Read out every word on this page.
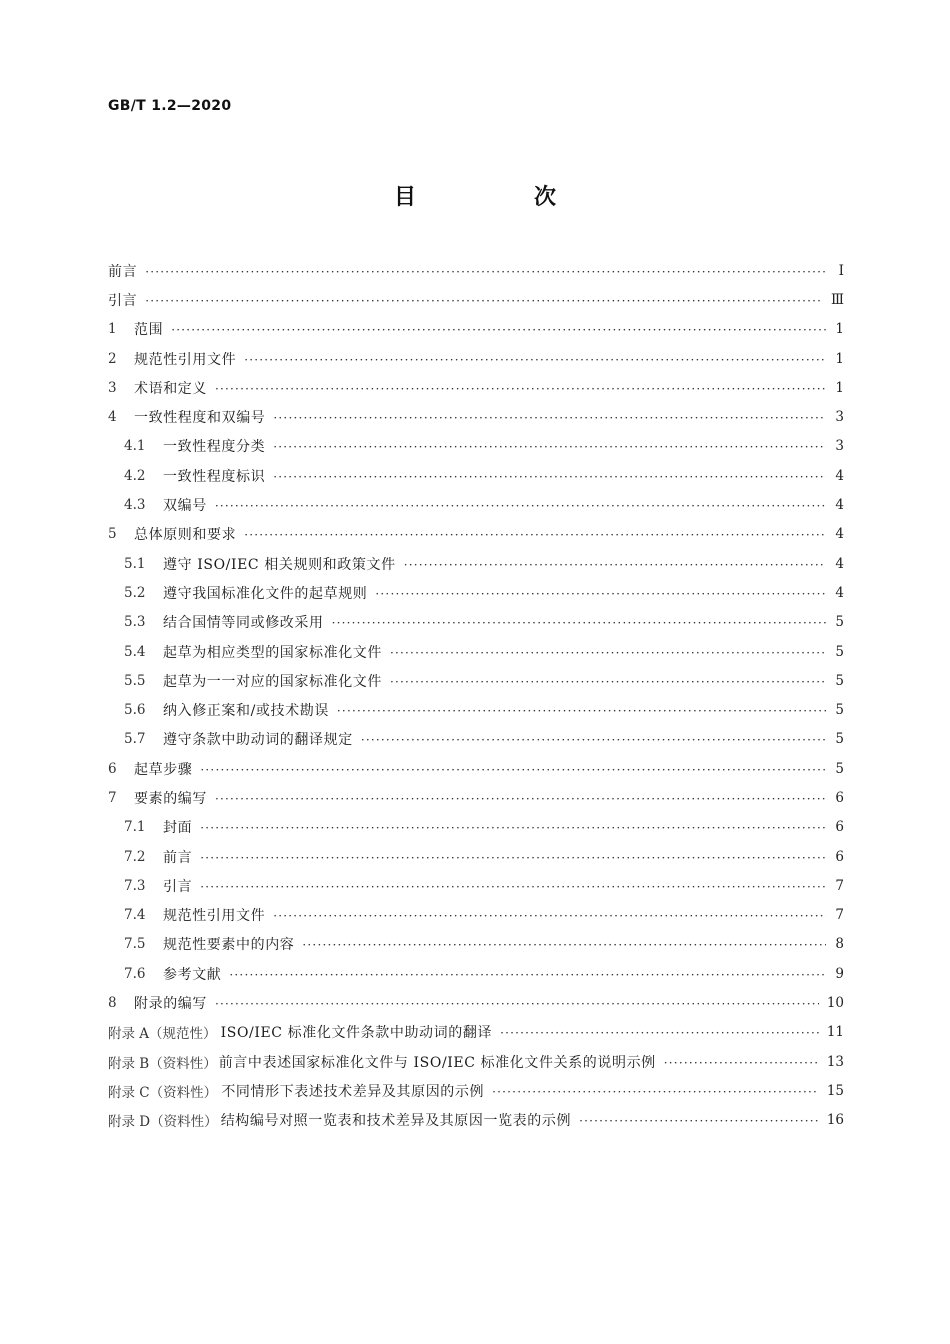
GB/T 1.2—2020
目　次
前言 ·····	Ⅰ
引言 ·····	Ⅲ
1	范围 ·····	1
2	规范性引用文件 ·····	1
3	术语和定义 ·····	1
4	一致性程度和双编号 ·····	3
4.1	一致性程度分类 ·····	3
4.2	一致性程度标识 ·····	4
4.3	双编号 ·····	4
5	总体原则和要求 ·····	4
5.1	遵守 ISO/IEC 相关规则和政策文件 ·····	4
5.2	遵守我国标准化文件的起草规则 ·····	4
5.3	结合国情等同或修改采用 ·····	5
5.4	起草为相应类型的国家标准化文件 ·····	5
5.5	起草为一一对应的国家标准化文件 ·····	5
5.6	纳入修正案和/或技术勘误 ·····	5
5.7	遵守条款中助动词的翻译规定 ·····	5
6	起草步骤 ·····	5
7	要素的编写 ·····	6
7.1	封面 ·····	6
7.2	前言 ·····	6
7.3	引言 ·····	7
7.4	规范性引用文件 ·····	7
7.5	规范性要素中的内容 ·····	8
7.6	参考文献 ·····	9
8	附录的编写 ·····	10
附录 A（规范性） ISO/IEC 标准化文件条款中助动词的翻译 ·····	11
附录 B（资料性） 前言中表述国家标准化文件与 ISO/IEC 标准化文件关系的说明示例 ·····	13
附录 C（资料性） 不同情形下表述技术差异及其原因的示例 ·····	15
附录 D（资料性） 结构编号对照一览表和技术差异及其原因一览表的示例 ·····	16
